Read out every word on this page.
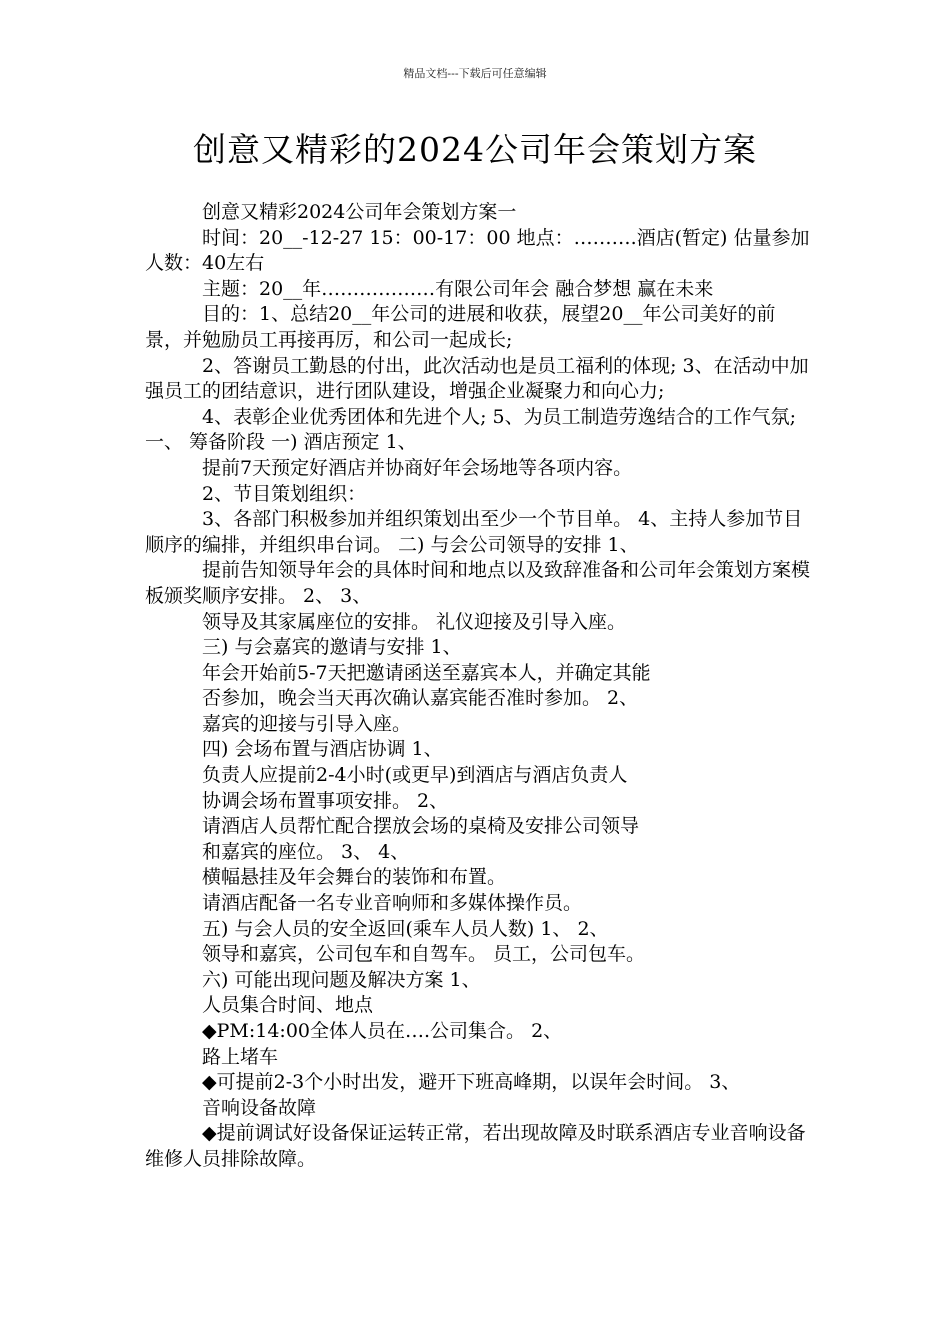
精品文档---下载后可任意编辑
创意又精彩的2024公司年会策划方案

创意又精彩2024公司年会策划方案一

时间：20__-12-27 15：00-17：00 地点：……….酒店(暂定) 估量参加人数：40左右

主题：20__年………………有限公司年会 融合梦想 赢在未来

目的：1、总结20__年公司的进展和收获，展望20__年公司美好的前景，并勉励员工再接再厉，和公司一起成长;

2、答谢员工勤恳的付出，此次活动也是员工福利的体现; 3、在活动中加强员工的团结意识，进行团队建设，增强企业凝聚力和向心力;

4、表彰企业优秀团体和先进个人; 5、为员工制造劳逸结合的工作气氛; 一、 筹备阶段 一) 酒店预定 1、

提前7天预定好酒店并协商好年会场地等各项内容。

2、节目策划组织：

3、各部门积极参加并组织策划出至少一个节目单。 4、主持人参加节目顺序的编排，并组织串台词。 二) 与会公司领导的安排 1、

提前告知领导年会的具体时间和地点以及致辞准备和公司年会策划方案模板颁奖顺序安排。 2、 3、

领导及其家属座位的安排。 礼仪迎接及引导入座。

三) 与会嘉宾的邀请与安排 1、

年会开始前5-7天把邀请函送至嘉宾本人，并确定其能

否参加，晚会当天再次确认嘉宾能否准时参加。 2、

嘉宾的迎接与引导入座。

四) 会场布置与酒店协调 1、

负责人应提前2-4小时(或更早)到酒店与酒店负责人

协调会场布置事项安排。 2、

请酒店人员帮忙配合摆放会场的桌椅及安排公司领导

和嘉宾的座位。 3、 4、

横幅悬挂及年会舞台的装饰和布置。

请酒店配备一名专业音响师和多媒体操作员。

五) 与会人员的安全返回(乘车人员人数) 1、 2、

领导和嘉宾，公司包车和自驾车。 员工，公司包车。

六) 可能出现问题及解决方案 1、

人员集合时间、地点

◆PM:14:00全体人员在….公司集合。 2、

路上堵车

◆可提前2-3个小时出发，避开下班高峰期，以误年会时间。 3、

音响设备故障

◆提前调试好设备保证运转正常，若出现故障及时联系酒店专业音响设备维修人员排除故障。
